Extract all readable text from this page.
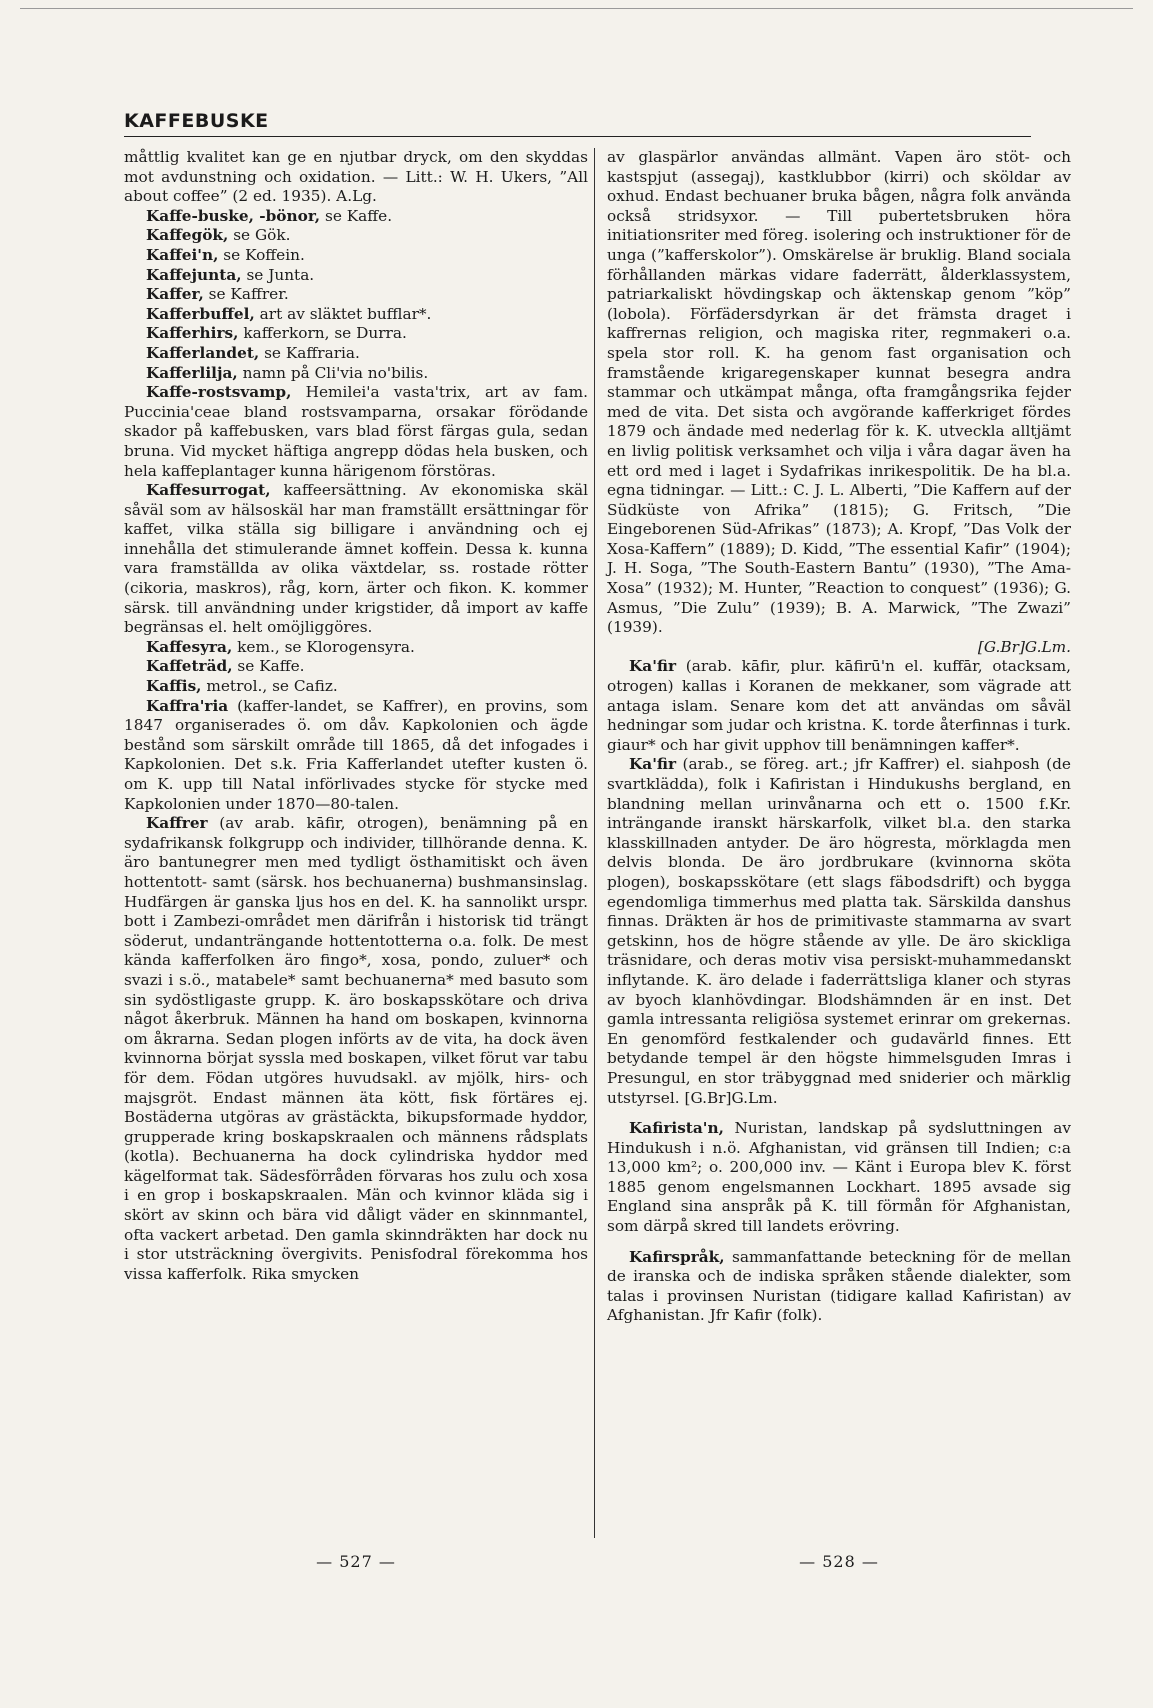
KAFFEBUSKE

måttlig kvalitet kan ge en njutbar dryck, om den skyddas mot avdunstning och oxidation. — Litt.: W. H. Ukers, ”All about coffee” (2 ed. 1935). A.Lg.

Kaffe-buske, -bönor, se Kaffe.

Kaffegök, se Gök.

Kaffei'n, se Koffein.

Kaffejunta, se Junta.

Kaffer, se Kaffrer.

Kafferbuffel, art av släktet bufflar*.

Kafferhirs, kafferkorn, se Durra.

Kafferlandet, se Kaffraria.

Kafferlilja, namn på Cli'via no'bilis.

Kaffe-rostsvamp, Hemilei'a vasta'trix, art av fam. Puccinia'ceae bland rostsvamparna, orsakar förödande skador på kaffebusken, vars blad först färgas gula, sedan bruna. Vid mycket häftiga angrepp dödas hela busken, och hela kaffeplantager kunna härigenom förstöras.

Kaffesurrogat, kaffeersättning. Av ekonomiska skäl såväl som av hälsoskäl har man framställt ersättningar för kaffet, vilka ställa sig billigare i användning och ej innehålla det stimulerande ämnet koffein. Dessa k. kunna vara framställda av olika växtdelar, ss. rostade rötter (cikoria, maskros), råg, korn, ärter och fikon. K. kommer särsk. till användning under krigstider, då import av kaffe begränsas el. helt omöjliggöres.

Kaffesyra, kem., se Klorogensyra.

Kaffeträd, se Kaffe.

Kaffis, metrol., se Cafiz.

Kaffra'ria (kaffer-landet, se Kaffrer), en provins, som 1847 organiserades ö. om dåv. Kapkolonien och ägde bestånd som särskilt område till 1865, då det infogades i Kapkolonien. Det s.k. Fria Kafferlandet utefter kusten ö. om K. upp till Natal införlivades stycke för stycke med Kapkolonien under 1870—80-talen.

Kaffrer (av arab. kāfir, otrogen), benämning på en sydafrikansk folkgrupp och individer, tillhörande denna. K. äro bantunegrer men med tydligt östhamitiskt och även hottentott- samt (särsk. hos bechuanerna) bushmansinslag. Hudfärgen är ganska ljus hos en del. K. ha sannolikt urspr. bott i Zambezi-området men därifrån i historisk tid trängt söderut, undanträngande hottentotterna o.a. folk. De mest kända kafferfolken äro fingo*, xosa, pondo, zuluer* och svazi i s.ö., matabele* samt bechuanerna* med basuto som sin sydöstligaste grupp. K. äro boskapsskötare och driva något åkerbruk. Männen ha hand om boskapen, kvinnorna om åkrarna. Sedan plogen införts av de vita, ha dock även kvinnorna börjat syssla med boskapen, vilket förut var tabu för dem. Födan utgöres huvudsakl. av mjölk, hirs- och majsgröt. Endast männen äta kött, fisk förtäres ej. Bostäderna utgöras av grästäckta, bikupsformade hyddor, grupperade kring boskapskraalen och männens rådsplats (kotla). Bechuanerna ha dock cylindriska hyddor med kägelformat tak. Sädesförråden förvaras hos zulu och xosa i en grop i boskapskraalen. Män och kvinnor kläda sig i skört av skinn och bära vid dåligt väder en skinnmantel, ofta vackert arbetad. Den gamla skinndräkten har dock nu i stor utsträckning övergivits. Penisfodral förekomma hos vissa kafferfolk. Rika smycken

av glaspärlor användas allmänt. Vapen äro stöt- och kastspjut (assegaj), kastklubbor (kirri) och sköldar av oxhud. Endast bechuaner bruka bågen, några folk använda också stridsyxor. — Till pubertetsbruken höra initiationsriter med föreg. isolering och instruktioner för de unga (”kafferskolor”). Omskärelse är bruklig. Bland sociala förhållanden märkas vidare faderrätt, ålderklassystem, patriarkaliskt hövdingskap och äktenskap genom ”köp” (lobola). Förfädersdyrkan är det främsta draget i kaffrernas religion, och magiska riter, regnmakeri o.a. spela stor roll. K. ha genom fast organisation och framstående krigaregenskaper kunnat besegra andra stammar och utkämpat många, ofta framgångsrika fejder med de vita. Det sista och avgörande kafferkriget fördes 1879 och ändade med nederlag för k. K. utveckla alltjämt en livlig politisk verksamhet och vilja i våra dagar även ha ett ord med i laget i Sydafrikas inrikespolitik. De ha bl.a. egna tidningar. — Litt.: C. J. L. Alberti, ”Die Kaffern auf der Südküste von Afrika” (1815); G. Fritsch, ”Die Eingeborenen Süd-Afrikas” (1873); A. Kropf, ”Das Volk der Xosa-Kaffern” (1889); D. Kidd, ”The essential Kafir” (1904); J. H. Soga, ”The South-Eastern Bantu” (1930), ”The Ama-Xosa” (1932); M. Hunter, ”Reaction to conquest” (1936); G. Asmus, ”Die Zulu” (1939); B. A. Marwick, ”The Zwazi” (1939).
[G.Br]G.Lm.

Ka'fir (arab. kāfir, plur. kāfirū'n el. kuffār, otacksam, otrogen) kallas i Koranen de mekkaner, som vägrade att antaga islam. Senare kom det att användas om såväl hedningar som judar och kristna. K. torde återfinnas i turk. giaur* och har givit upphov till benämningen kaffer*.

Ka'fir (arab., se föreg. art.; jfr Kaffrer) el. siahposh (de svartklädda), folk i Kafiristan i Hindukushs bergland, en blandning mellan urinvånarna och ett o. 1500 f.Kr. inträngande iranskt härskarfolk, vilket bl.a. den starka klasskillnaden antyder. De äro högresta, mörklagda men delvis blonda. De äro jordbrukare (kvinnorna sköta plogen), boskapsskötare (ett slags fäbodsdrift) och bygga egendomliga timmerhus med platta tak. Särskilda danshus finnas. Dräkten är hos de primitivaste stammarna av svart getskinn, hos de högre stående av ylle. De äro skickliga träsnidare, och deras motiv visa persiskt-muhammedanskt inflytande. K. äro delade i faderrättsliga klaner och styras av byoch klanhövdingar. Blodshämnden är en inst. Det gamla intressanta religiösa systemet erinrar om grekernas. En genomförd festkalender och gudavärld finnes. Ett betydande tempel är den högste himmelsguden Imras i Presungul, en stor träbyggnad med sniderier och märklig utstyrsel. [G.Br]G.Lm.

Kafirista'n, Nuristan, landskap på sydsluttningen av Hindukush i n.ö. Afghanistan, vid gränsen till Indien; c:a 13,000 km²; o. 200,000 inv. — Känt i Europa blev K. först 1885 genom engelsmannen Lockhart. 1895 avsade sig England sina anspråk på K. till förmån för Afghanistan, som därpå skred till landets erövring.

Kafirspråk, sammanfattande beteckning för de mellan de iranska och de indiska språken stående dialekter, som talas i provinsen Nuristan (tidigare kallad Kafiristan) av Afghanistan. Jfr Kafir (folk).

— 527 —	— 528 —
